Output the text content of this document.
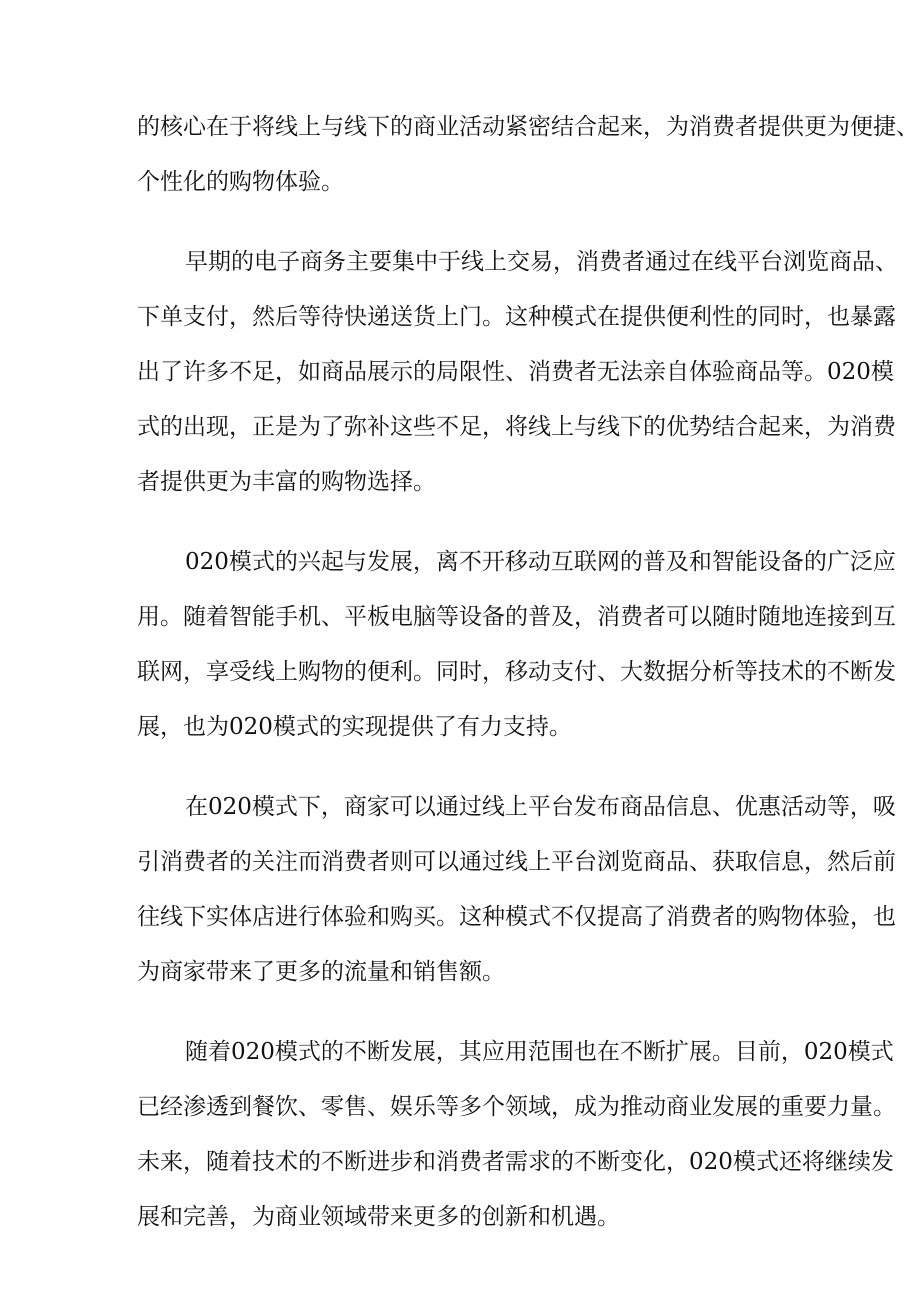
的核心在于将线上与线下的商业活动紧密结合起来，为消费者提供更为便捷、
个性化的购物体验。
早期的电子商务主要集中于线上交易，消费者通过在线平台浏览商品、
下单支付，然后等待快递送货上门。这种模式在提供便利性的同时，也暴露
出了许多不足，如商品展示的局限性、消费者无法亲自体验商品等。020模
式的出现，正是为了弥补这些不足，将线上与线下的优势结合起来，为消费
者提供更为丰富的购物选择。
020模式的兴起与发展，离不开移动互联网的普及和智能设备的广泛应
用。随着智能手机、平板电脑等设备的普及，消费者可以随时随地连接到互
联网，享受线上购物的便利。同时，移动支付、大数据分析等技术的不断发
展，也为020模式的实现提供了有力支持。
在020模式下，商家可以通过线上平台发布商品信息、优惠活动等，吸
引消费者的关注而消费者则可以通过线上平台浏览商品、获取信息，然后前
往线下实体店进行体验和购买。这种模式不仅提高了消费者的购物体验，也
为商家带来了更多的流量和销售额。
随着020模式的不断发展，其应用范围也在不断扩展。目前，020模式
已经渗透到餐饮、零售、娱乐等多个领域，成为推动商业发展的重要力量。
未来，随着技术的不断进步和消费者需求的不断变化，020模式还将继续发
展和完善，为商业领域带来更多的创新和机遇。
